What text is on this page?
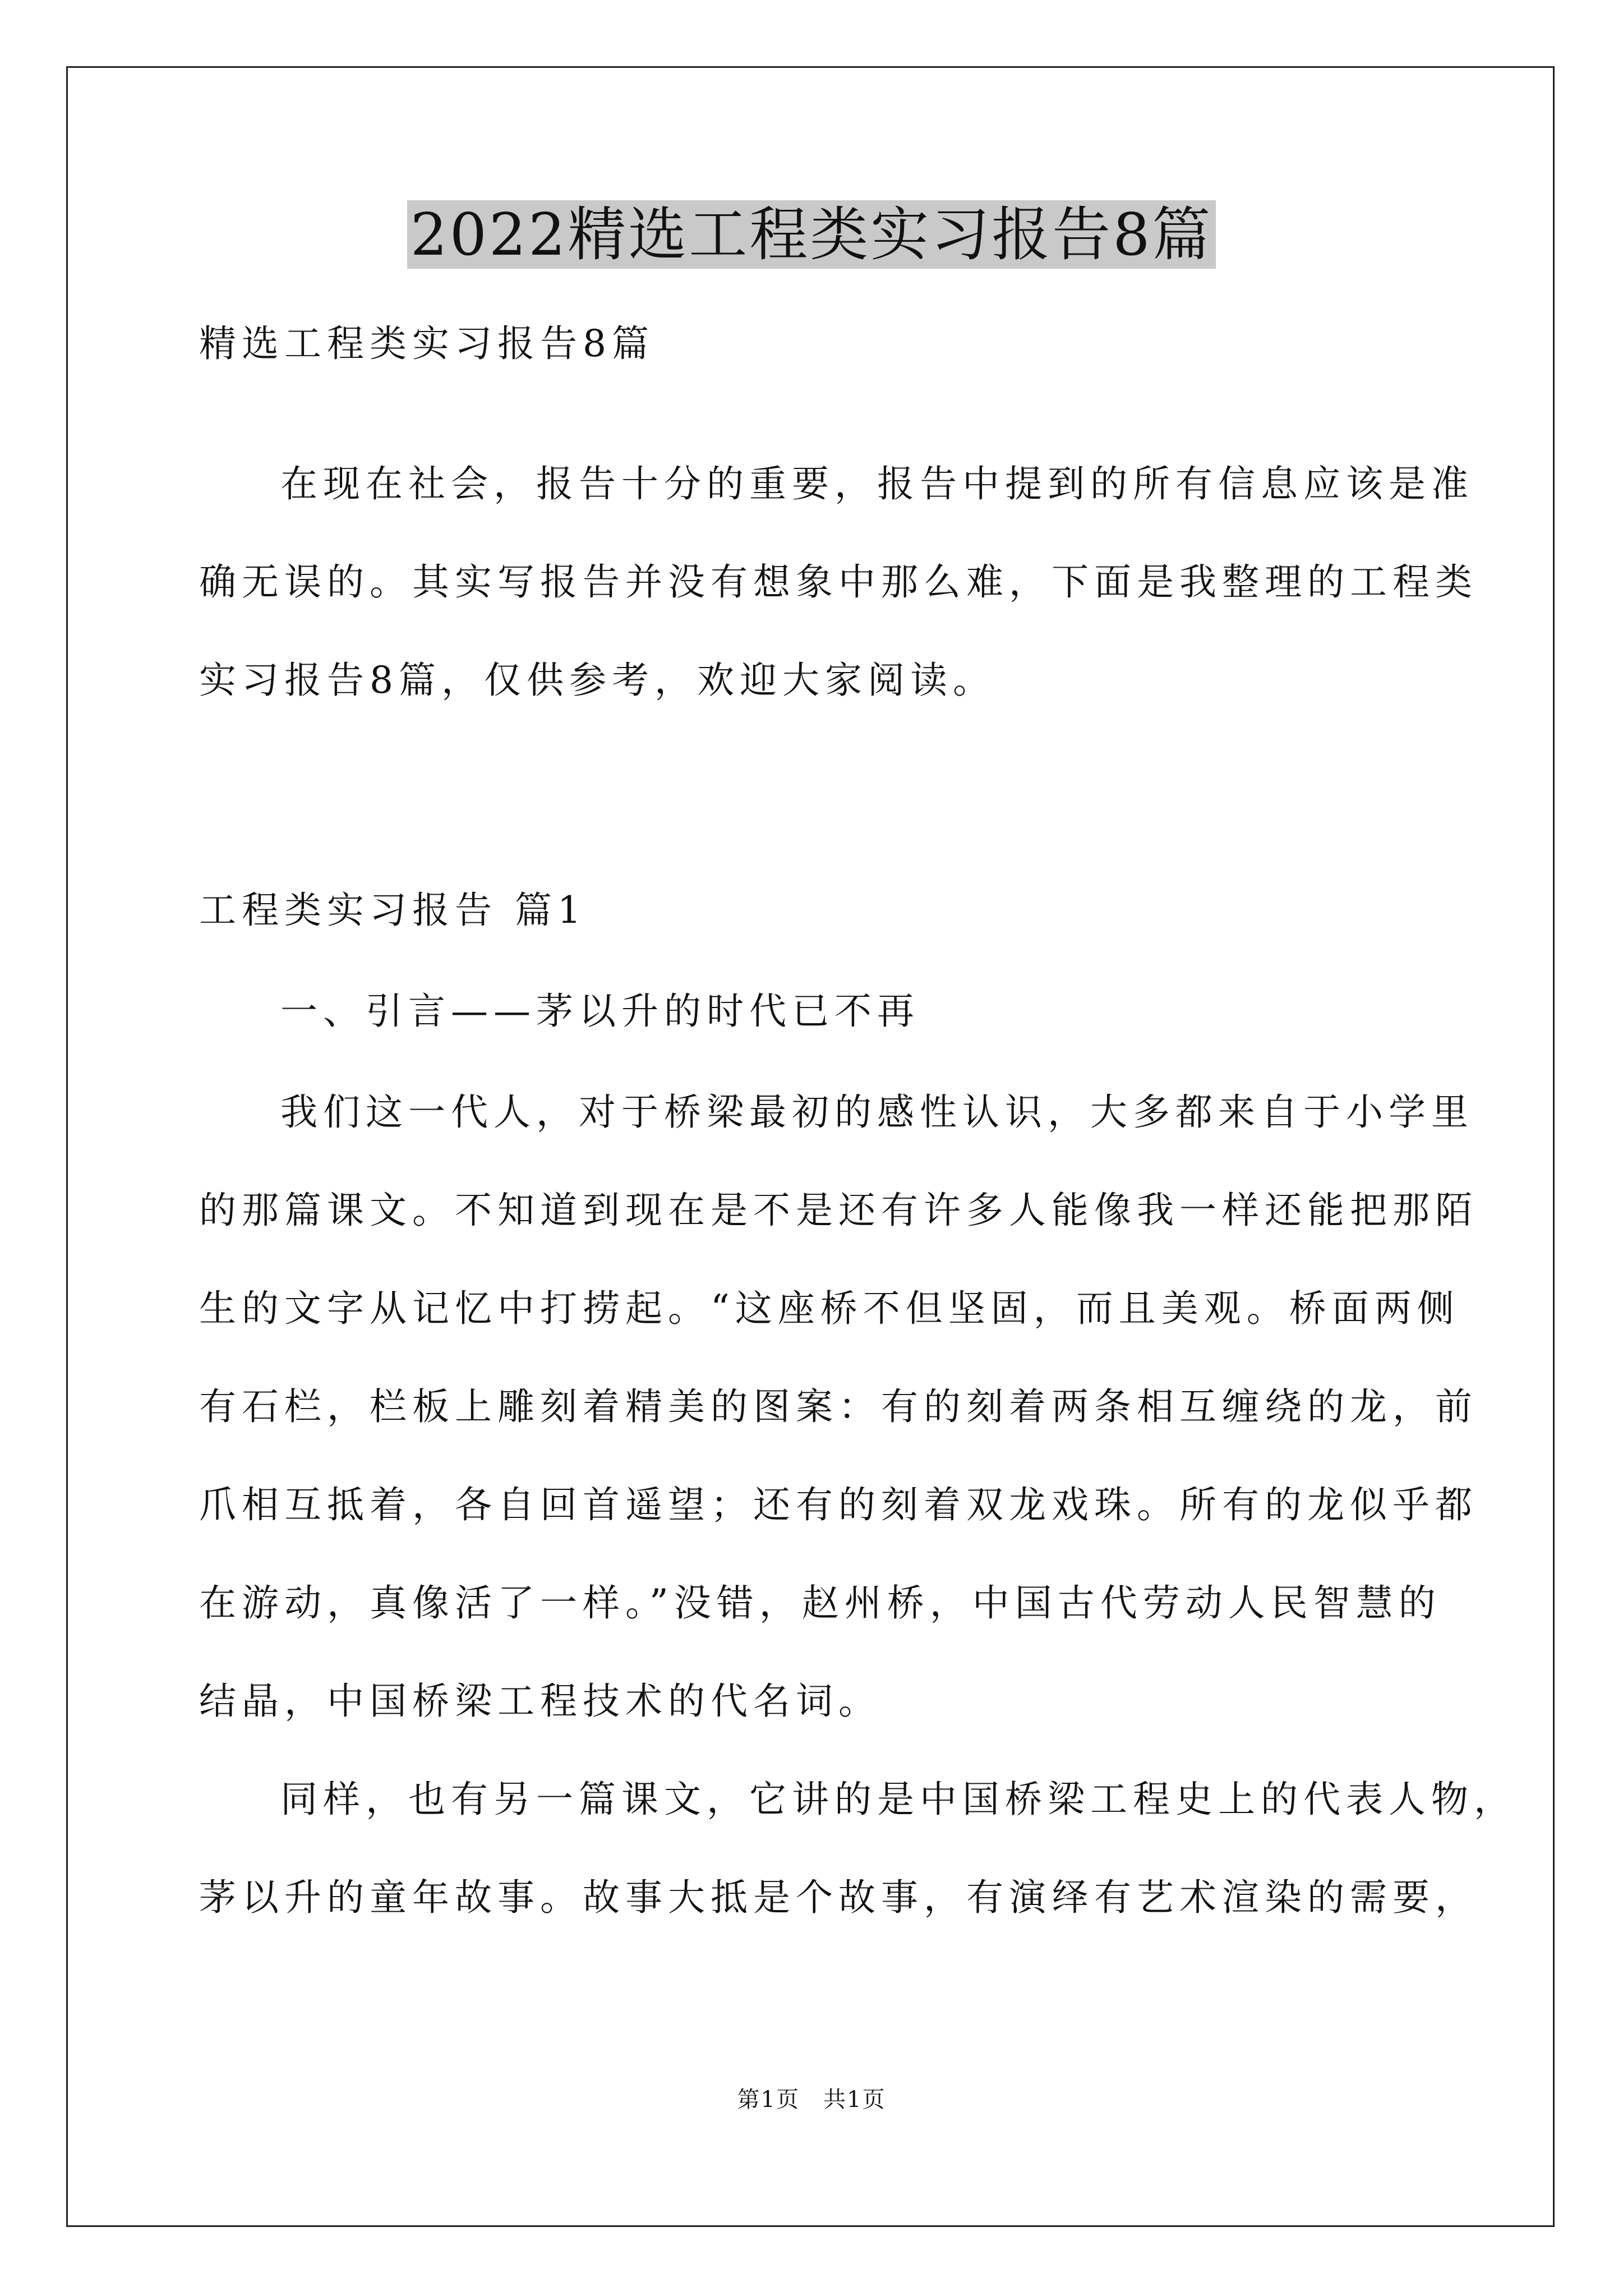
2022精选工程类实习报告8篇
精选工程类实习报告8篇
在现在社会，报告十分的重要，报告中提到的所有信息应该是准
确无误的。其实写报告并没有想象中那么难，下面是我整理的工程类
实习报告8篇，仅供参考，欢迎大家阅读。
工程类实习报告 篇1
一、引言——茅以升的时代已不再
我们这一代人，对于桥梁最初的感性认识，大多都来自于小学里
的那篇课文。不知道到现在是不是还有许多人能像我一样还能把那陌
生的文字从记忆中打捞起。“这座桥不但坚固，而且美观。桥面两侧
有石栏，栏板上雕刻着精美的图案：有的刻着两条相互缠绕的龙，前
爪相互抵着，各自回首遥望；还有的刻着双龙戏珠。所有的龙似乎都
在游动，真像活了一样。”没错，赵州桥，中国古代劳动人民智慧的
结晶，中国桥梁工程技术的代名词。
同样，也有另一篇课文，它讲的是中国桥梁工程史上的代表人物，
茅以升的童年故事。故事大抵是个故事，有演绎有艺术渲染的需要，
第1页　共1页
